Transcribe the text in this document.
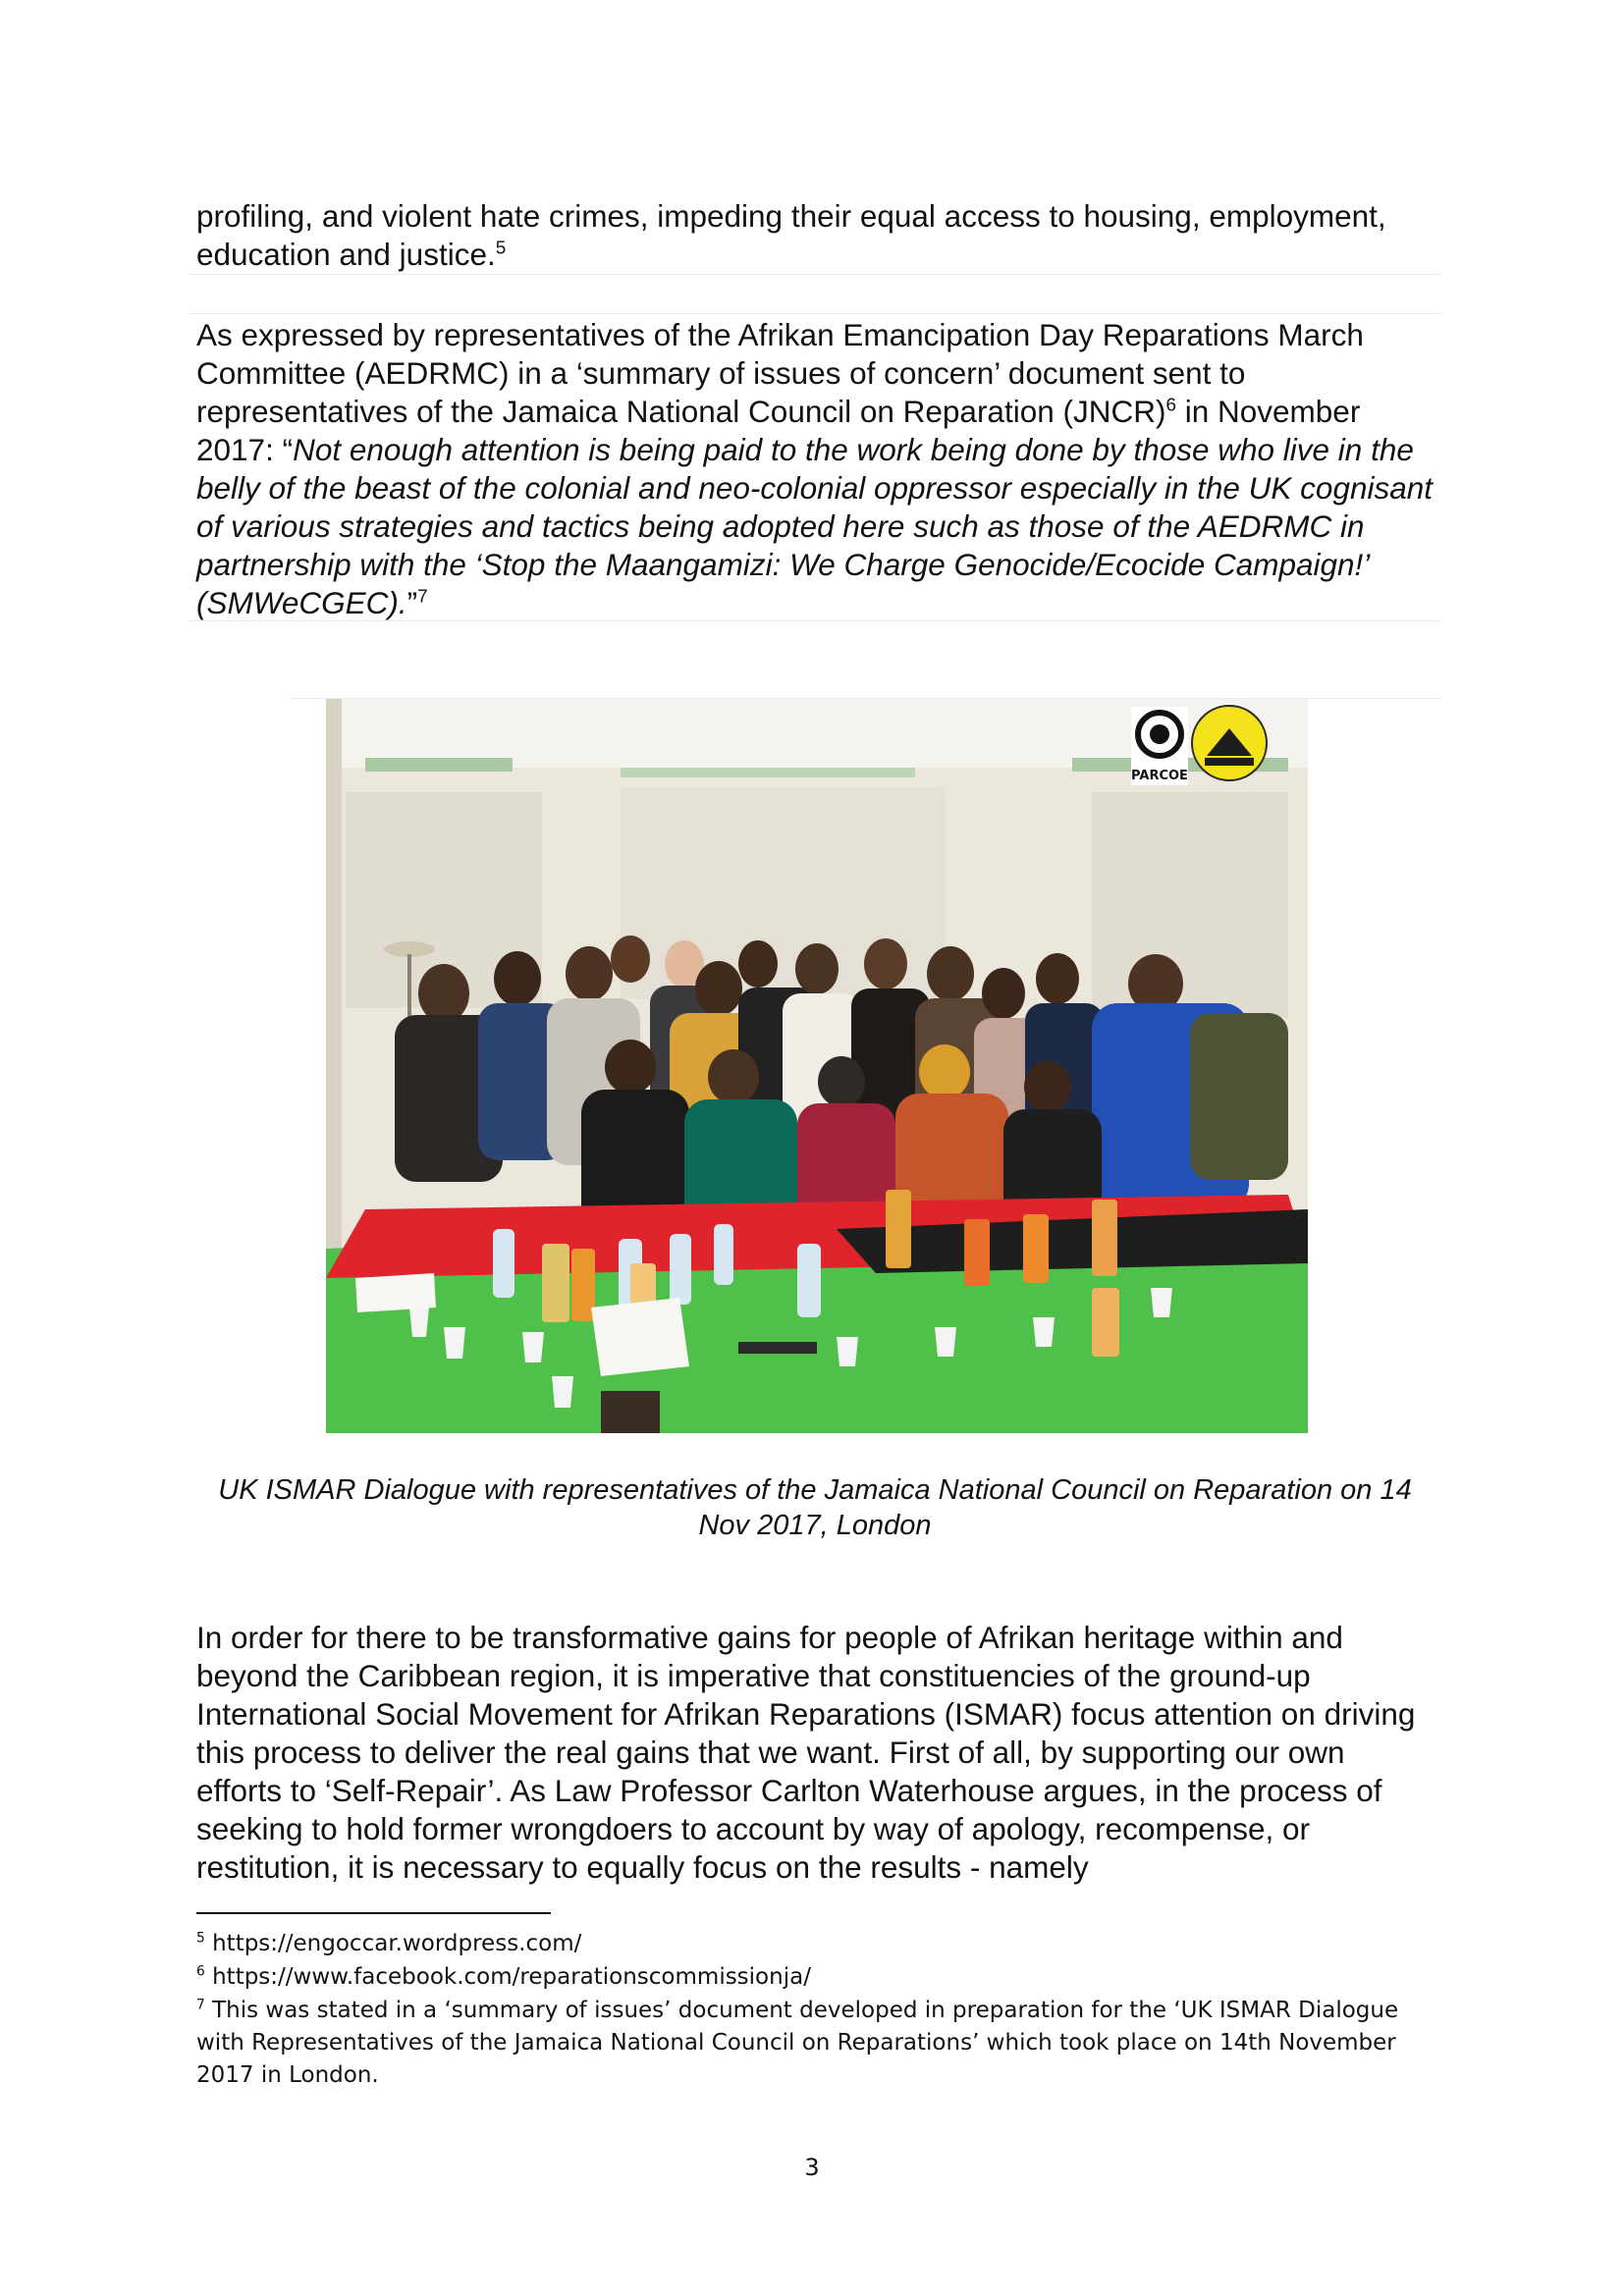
profiling, and violent hate crimes, impeding their equal access to housing, employment, education and justice.$^5$
As expressed by representatives of the Afrikan Emancipation Day Reparations March Committee (AEDRMC) in a ‘summary of issues of concern’ document sent to representatives of the Jamaica National Council on Reparation (JNCR)$^6$ in November 2017: “Not enough attention is being paid to the work being done by those who live in the belly of the beast of the colonial and neo-colonial oppressor especially in the UK cognisant of various strategies and tactics being adopted here such as those of the AEDRMC in partnership with the ‘Stop the Maangamizi: We Charge Genocide/Ecocide Campaign!’ (SMWeCGEC).”$^7$
PARCOE
UK ISMAR Dialogue with representatives of the Jamaica National Council on Reparation on 14 Nov 2017, London
In order for there to be transformative gains for people of Afrikan heritage within and beyond the Caribbean region, it is imperative that constituencies of the ground-up International Social Movement for Afrikan Reparations (ISMAR) focus attention on driving this process to deliver the real gains that we want. First of all, by supporting our own efforts to ‘Self-Repair’. As Law Professor Carlton Waterhouse argues, in the process of seeking to hold former wrongdoers to account by way of apology, recompense, or restitution, it is necessary to equally focus on the results - namely
$^5$ https://engoccar.wordpress.com/
$^6$ https://www.facebook.com/reparationscommissionja/
$^7$ This was stated in a ‘summary of issues’ document developed in preparation for the ‘UK ISMAR Dialogue with Representatives of the Jamaica National Council on Reparations’ which took place on 14th November 2017 in London.
3
